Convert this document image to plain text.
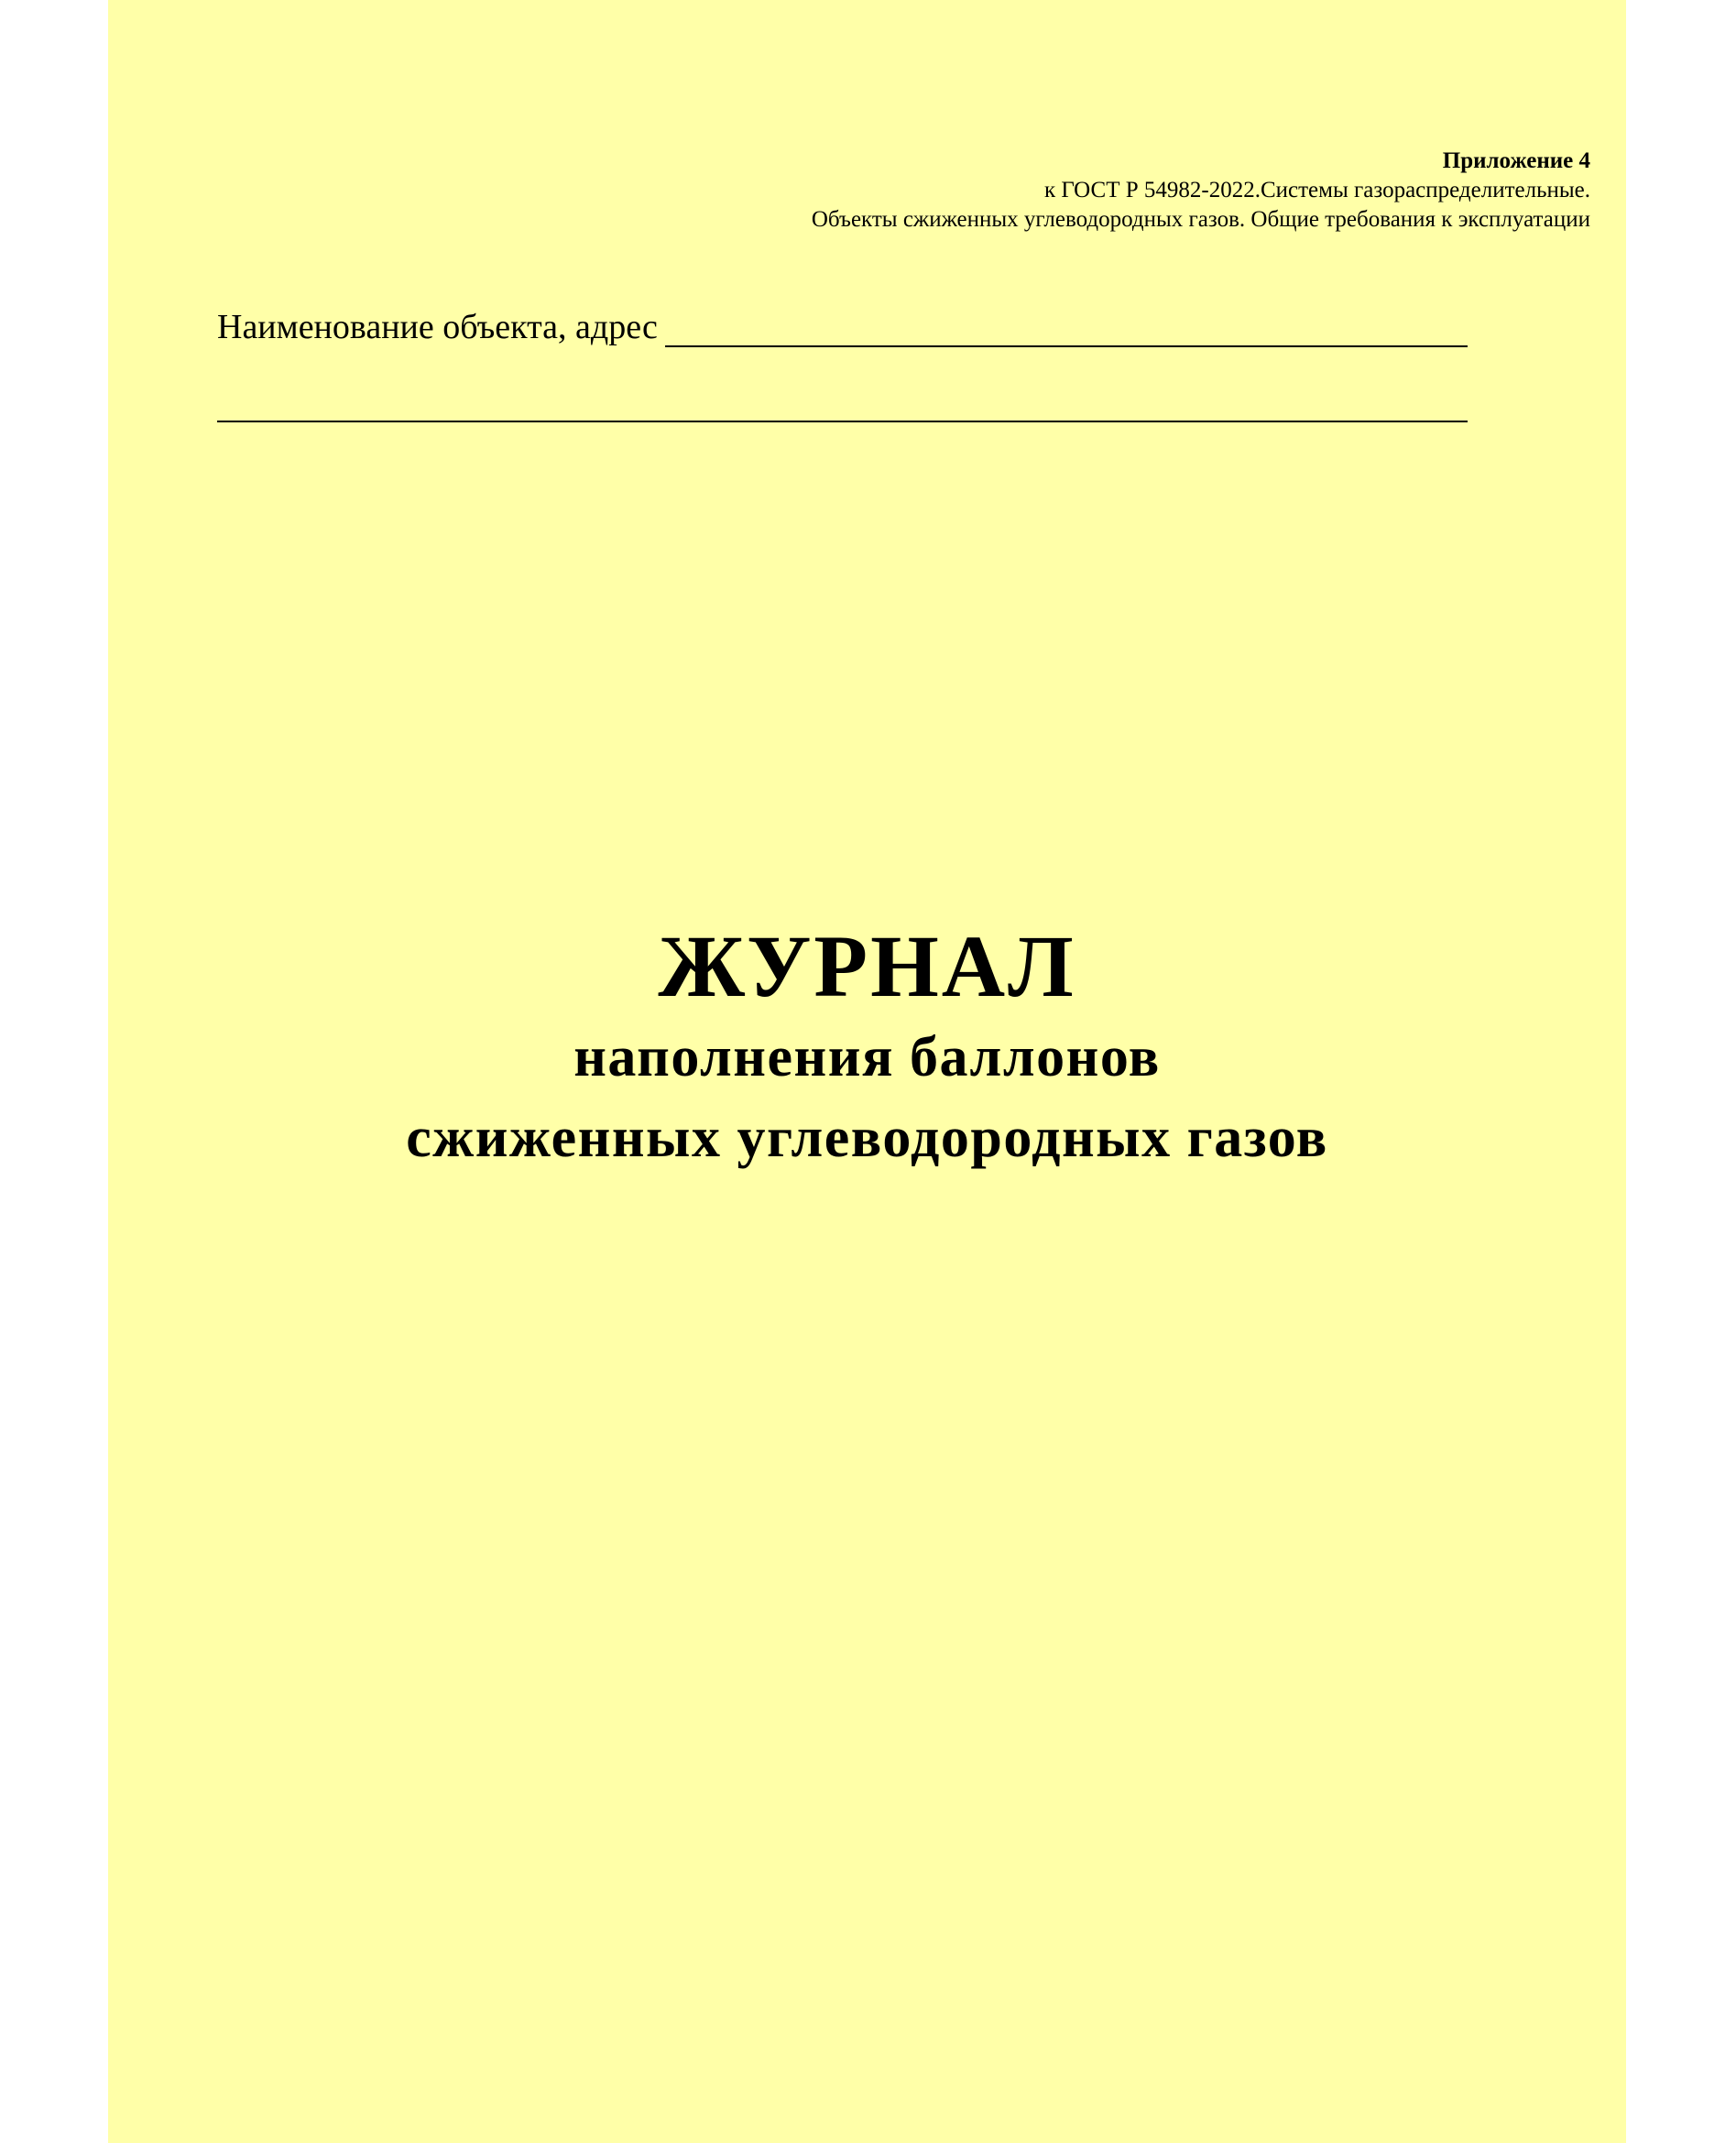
Приложение 4
к ГОСТ Р 54982-2022.Системы газораспределительные.
Объекты сжиженных углеводородных газов. Общие требования к эксплуатации
Наименование объекта, адрес
ЖУРНАЛ
наполнения баллонов
сжиженных углеводородных газов
